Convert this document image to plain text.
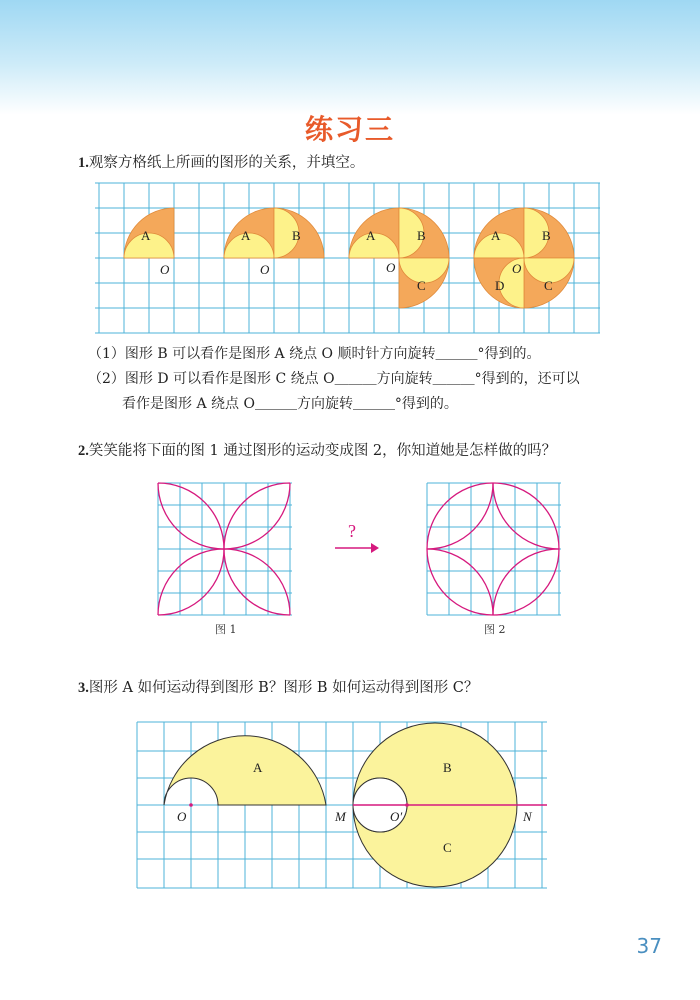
练习三
1.观察方格纸上所画的图形的关系，并填空。
A
O
A	B
O
A	B
C
O
A	B
C
D
O
（1）图形 B 可以看作是图形 A 绕点 O 顺时针方向旋转＿＿＿°得到的。
（2）图形 D 可以看作是图形 C 绕点 O＿＿＿方向旋转＿＿＿°得到的，还可以
看作是图形 A 绕点 O＿＿＿方向旋转＿＿＿°得到的。
2.笑笑能将下面的图 1 通过图形的运动变成图 2，你知道她是怎样做的吗？
图 1
?
图 2
3.图形 A 如何运动得到图形 B？图形 B 如何运动得到图形 C？
A	B
C
O	O′
M	N
37
